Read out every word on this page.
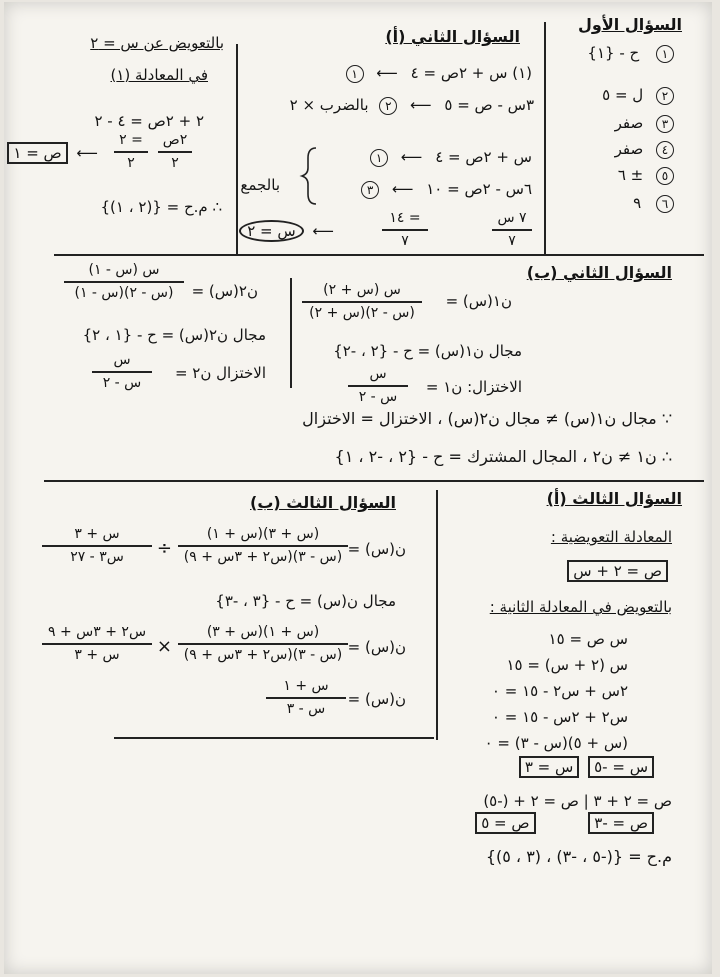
السؤال الأول
١ ح - {١}
٢ ل = ٥
٣ صفر
٤ صفر
٥ ± ٦
٦ ٩
السؤال الثاني (أ)
(١) س + ٢ص = ٤ ⟵ ١
٣س - ص = ٥ ⟵ ٢ بالضرب × ٢
بالجمع
س + ٢ص = ٤ ⟵ ١
٦س - ٢ص = ١٠ ⟵ ٣
٧ س
٧
= ١٤
٧
⟵ س = ٢
بالتعويض عن س = ٢
في المعادلة (١)
٢ + ٢ص = ٤ - ٢
٢ص
٢
= ٢
٢
⟵ ص = ١
∴ م.ح = {(٢ ، ١)}
السؤال الثاني (ب)
ن١(س) =
س (س + ٢)
(س - ٢)(س + ٢)
مجال ن١(س) = ح - {٢ ، -٢}
الاختزال: ن١ =
س
س - ٢
ن٢(س) =
س (س - ١)
(س - ٢)(س - ١)
مجال ن٢(س) = ح - {١ ، ٢}
الاختزال ن٢ =
س
س - ٢
∵ مجال ن١(س) ≠ مجال ن٢(س) ، الاختزال = الاختزال
∴ ن١ ≠ ن٢ ، المجال المشترك = ح - {٢ ، -٢ ، ١}
السؤال الثالث (أ)
المعادلة التعويضية :
ص = ٢ + س
بالتعويض في المعادلة الثانية :
س ص = ١٥
س (٢ + س) = ١٥
٢س + س٢ - ١٥ = ٠
س٢ + ٢س - ١٥ = ٠
(س + ٥)(س - ٣) = ٠
س = -٥ س = ٣
ص = ٢ + ٣ | ص = ٢ + (-٥)
ص = -٣ ص = ٥
م.ح = {(-٥ ، -٣) ، (٣ ، ٥)}
السؤال الثالث (ب)
ن(س) =
(س + ٣)(س + ١)
(س - ٣)(س٢ + ٣س + ٩)
÷
س + ٣
س٣ - ٢٧
مجال ن(س) = ح - {٣ ، -٣}
ن(س) =
(س + ١)(س + ٣)
(س - ٣)(س٢ + ٣س + ٩)
×
س٢ + ٣س + ٩
س + ٣
ن(س) =
س + ١
س - ٣
